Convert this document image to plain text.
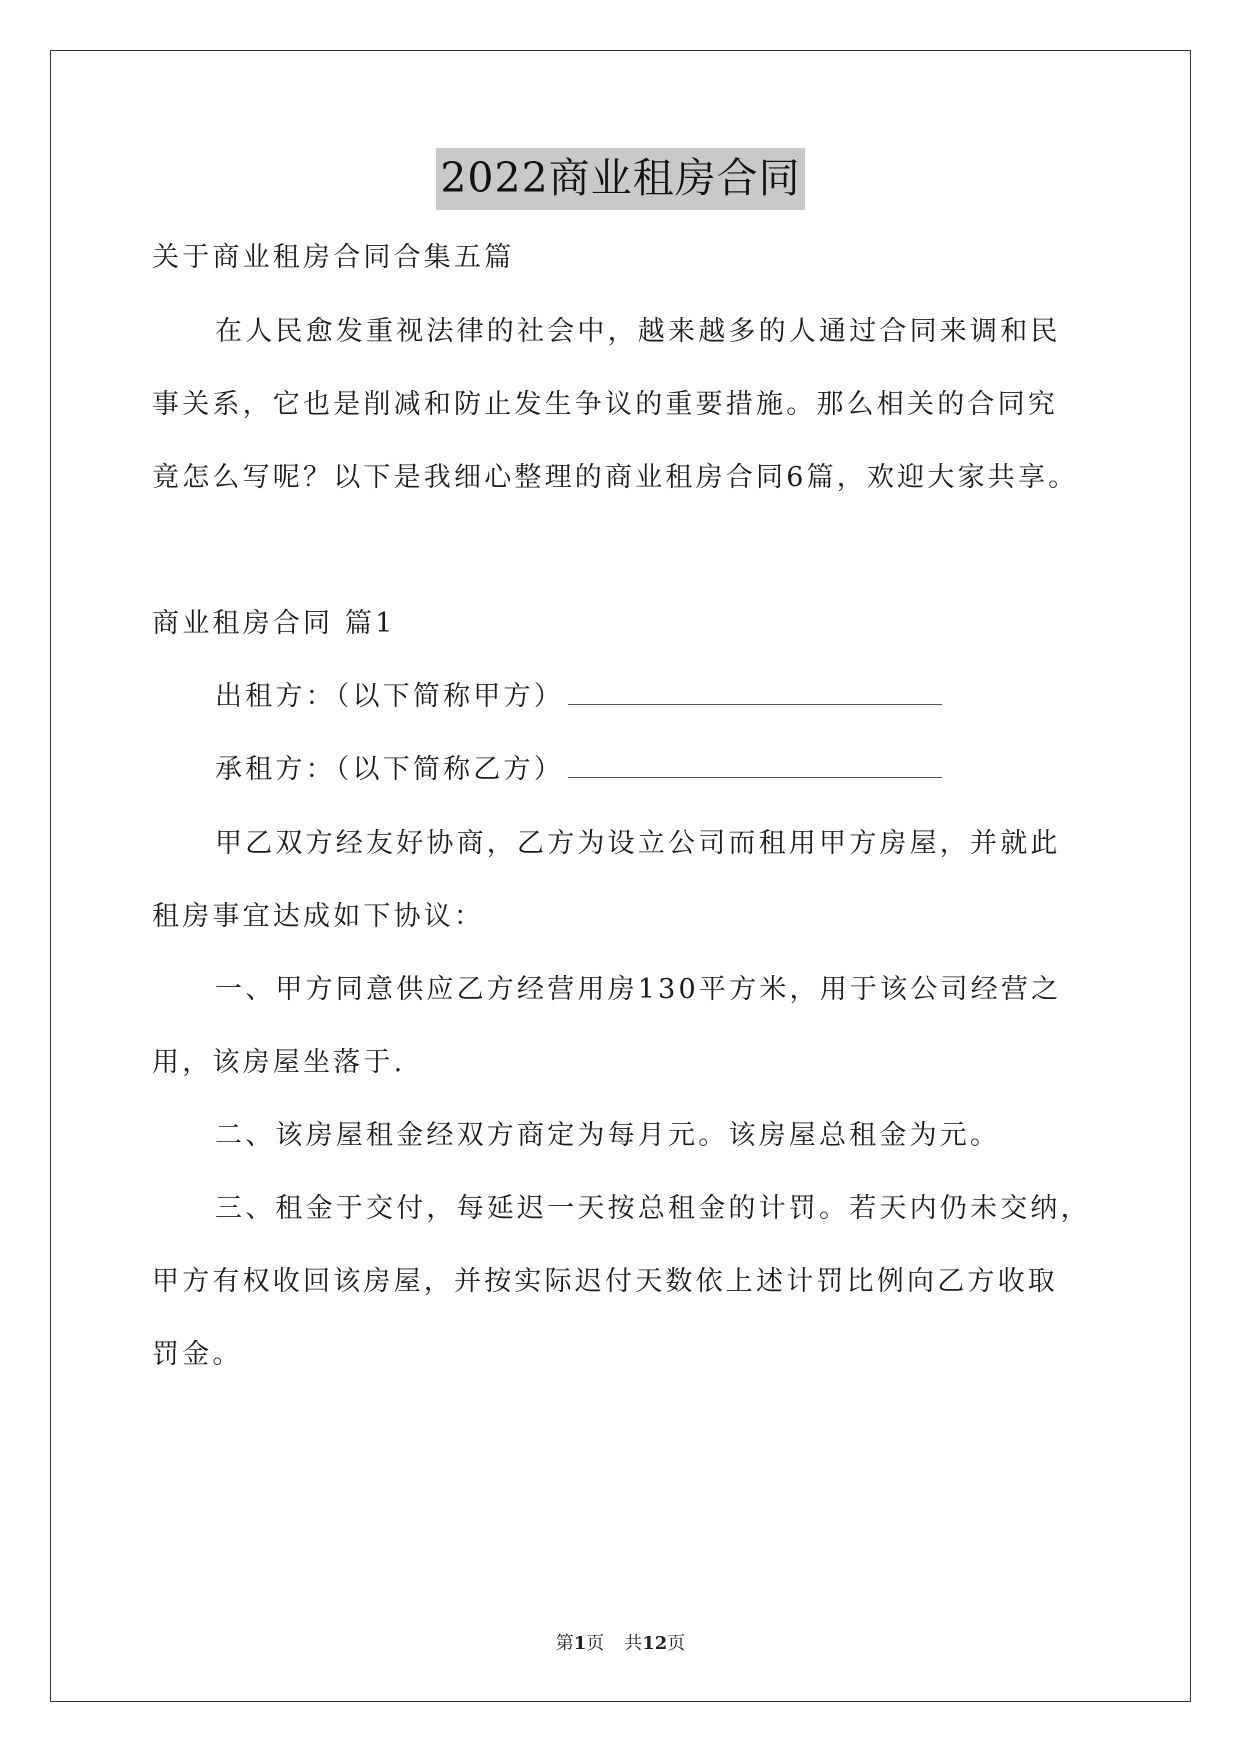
2022商业租房合同
关于商业租房合同合集五篇
在人民愈发重视法律的社会中，越来越多的人通过合同来调和民
事关系，它也是削减和防止发生争议的重要措施。那么相关的合同究
竟怎么写呢？以下是我细心整理的商业租房合同6篇，欢迎大家共享。
商业租房合同 篇1
出租方：（以下简称甲方）
承租方：（以下简称乙方）
甲乙双方经友好协商，乙方为设立公司而租用甲方房屋，并就此
租房事宜达成如下协议：
一、甲方同意供应乙方经营用房130平方米，用于该公司经营之
用，该房屋坐落于.
二、该房屋租金经双方商定为每月元。该房屋总租金为元。
三、租金于交付，每延迟一天按总租金的计罚。若天内仍未交纳，
甲方有权收回该房屋，并按实际迟付天数依上述计罚比例向乙方收取
罚金。
第1页 共12页
